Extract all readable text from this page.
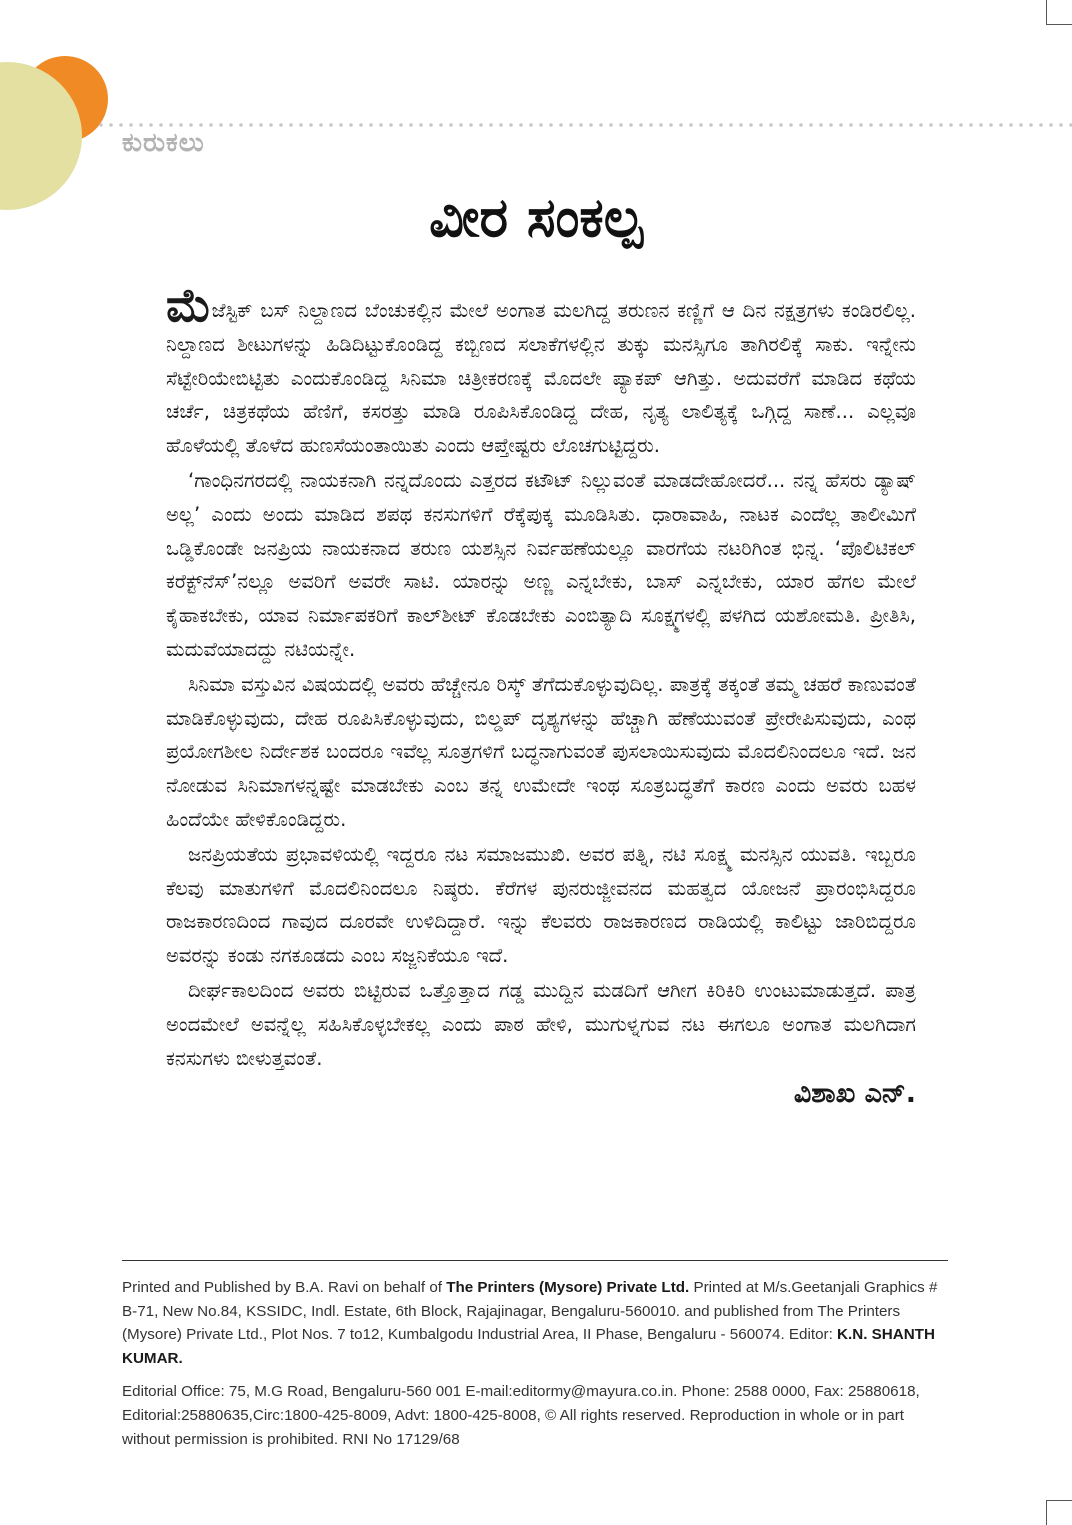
ಕುರುಕಲು
ವೀರ ಸಂಕಲ್ಪ

ಮೆಜೆಸ್ಟಿಕ್ ಬಸ್ ನಿಲ್ದಾಣದ ಬೆಂಚುಕಲ್ಲಿನ ಮೇಲೆ ಅಂಗಾತ ಮಲಗಿದ್ದ ತರುಣನ ಕಣ್ಣಿಗೆ ಆ ದಿನ ನಕ್ಷತ್ರಗಳು ಕಂಡಿರಲಿಲ್ಲ. ನಿಲ್ದಾಣದ ಶೀಟುಗಳನ್ನು ಹಿಡಿದಿಟ್ಟುಕೊಂಡಿದ್ದ ಕಬ್ಬಿಣದ ಸಲಾಕೆಗಳಲ್ಲಿನ ತುಕ್ಕು ಮನಸ್ಸಿಗೂ ತಾಗಿರಲಿಕ್ಕೆ ಸಾಕು. ಇನ್ನೇನು ಸೆಟ್ಟೇರಿಯೇಬಿಟ್ಟಿತು ಎಂದುಕೊಂಡಿದ್ದ ಸಿನಿಮಾ ಚಿತ್ರೀಕರಣಕ್ಕೆ ಮೊದಲೇ ಪ್ಯಾಕಪ್ ಆಗಿತ್ತು. ಅದುವರೆಗೆ ಮಾಡಿದ ಕಥೆಯ ಚರ್ಚೆ, ಚಿತ್ರಕಥೆಯ ಹೆಣಿಗೆ, ಕಸರತ್ತು ಮಾಡಿ ರೂಪಿಸಿಕೊಂಡಿದ್ದ ದೇಹ, ನೃತ್ಯ ಲಾಲಿತ್ಯಕ್ಕೆ ಒಗ್ಗಿದ್ದ ಸಾಣೆ... ಎಲ್ಲವೂ ಹೊಳೆಯಲ್ಲಿ ತೊಳೆದ ಹುಣಸೆಯಂತಾಯಿತು ಎಂದು ಆಪ್ತೇಷ್ಟರು ಲೊಚಗುಟ್ಟಿದ್ದರು.

‘ಗಾಂಧಿನಗರದಲ್ಲಿ ನಾಯಕನಾಗಿ ನನ್ನದೊಂದು ಎತ್ತರದ ಕಟೌಟ್ ನಿಲ್ಲುವಂತೆ ಮಾಡದೇಹೋದರೆ... ನನ್ನ ಹೆಸರು ಡ್ಯಾಷ್ ಅಲ್ಲ’ ಎಂದು ಅಂದು ಮಾಡಿದ ಶಪಥ ಕನಸುಗಳಿಗೆ ರೆಕ್ಕೆಪುಕ್ಕ ಮೂಡಿಸಿತು. ಧಾರಾವಾಹಿ, ನಾಟಕ ಎಂದೆಲ್ಲ ತಾಲೀಮಿಗೆ ಒಡ್ಡಿಕೊಂಡೇ ಜನಪ್ರಿಯ ನಾಯಕನಾದ ತರುಣ ಯಶಸ್ಸಿನ ನಿರ್ವಹಣೆಯಲ್ಲೂ ವಾರಗೆಯ ನಟರಿಗಿಂತ ಭಿನ್ನ. ‘ಪೊಲಿಟಿಕಲ್ ಕರೆಕ್ಟ್‌ನೆಸ್’ನಲ್ಲೂ ಅವರಿಗೆ ಅವರೇ ಸಾಟಿ. ಯಾರನ್ನು ಅಣ್ಣ ಎನ್ನಬೇಕು, ಬಾಸ್ ಎನ್ನಬೇಕು, ಯಾರ ಹೆಗಲ ಮೇಲೆ ಕೈಹಾಕಬೇಕು, ಯಾವ ನಿರ್ಮಾಪಕರಿಗೆ ಕಾಲ್‌ಶೀಟ್ ಕೊಡಬೇಕು ಎಂಬಿತ್ಯಾದಿ ಸೂಕ್ಷ್ಮಗಳಲ್ಲಿ ಪಳಗಿದ ಯಶೋಮತಿ. ಪ್ರೀತಿಸಿ, ಮದುವೆಯಾದದ್ದು ನಟಿಯನ್ನೇ.

ಸಿನಿಮಾ ವಸ್ತುವಿನ ವಿಷಯದಲ್ಲಿ ಅವರು ಹೆಚ್ಚೇನೂ ರಿಸ್ಕ್ ತೆಗೆದುಕೊಳ್ಳುವುದಿಲ್ಲ. ಪಾತ್ರಕ್ಕೆ ತಕ್ಕಂತೆ ತಮ್ಮ ಚಹರೆ ಕಾಣುವಂತೆ ಮಾಡಿಕೊಳ್ಳುವುದು, ದೇಹ ರೂಪಿಸಿಕೊಳ್ಳುವುದು, ಬಿಲ್ಡಪ್ ದೃಶ್ಯಗಳನ್ನು ಹೆಚ್ಚಾಗಿ ಹೆಣೆಯುವಂತೆ ಪ್ರೇರೇಪಿಸುವುದು, ಎಂಥ ಪ್ರಯೋಗಶೀಲ ನಿರ್ದೇಶಕ ಬಂದರೂ ಇವೆಲ್ಲ ಸೂತ್ರಗಳಿಗೆ ಬದ್ಧನಾಗುವಂತೆ ಪುಸಲಾಯಿಸುವುದು ಮೊದಲಿನಿಂದಲೂ ಇದೆ. ಜನ ನೋಡುವ ಸಿನಿಮಾಗಳನ್ನಷ್ಟೇ ಮಾಡಬೇಕು ಎಂಬ ತನ್ನ ಉಮೇದೇ ಇಂಥ ಸೂತ್ರಬದ್ಧತೆಗೆ ಕಾರಣ ಎಂದು ಅವರು ಬಹಳ ಹಿಂದೆಯೇ ಹೇಳಿಕೊಂಡಿದ್ದರು.

ಜನಪ್ರಿಯತೆಯ ಪ್ರಭಾವಳಿಯಲ್ಲಿ ಇದ್ದರೂ ನಟ ಸಮಾಜಮುಖಿ. ಅವರ ಪತ್ನಿ, ನಟಿ ಸೂಕ್ಷ್ಮ ಮನಸ್ಸಿನ ಯುವತಿ. ಇಬ್ಬರೂ ಕೆಲವು ಮಾತುಗಳಿಗೆ ಮೊದಲಿನಿಂದಲೂ ನಿಷ್ಠರು. ಕೆರೆಗಳ ಪುನರುಜ್ಜೀವನದ ಮಹತ್ವದ ಯೋಜನೆ ಪ್ರಾರಂಭಿಸಿದ್ದರೂ ರಾಜಕಾರಣದಿಂದ ಗಾವುದ ದೂರವೇ ಉಳಿದಿದ್ದಾರೆ. ಇನ್ನು ಕೆಲವರು ರಾಜಕಾರಣದ ರಾಡಿಯಲ್ಲಿ ಕಾಲಿಟ್ಟು ಜಾರಿಬಿದ್ದರೂ ಅವರನ್ನು ಕಂಡು ನಗಕೂಡದು ಎಂಬ ಸಜ್ಜನಿಕೆಯೂ ಇದೆ.

ದೀರ್ಘಕಾಲದಿಂದ ಅವರು ಬಿಟ್ಟಿರುವ ಒತ್ತೊತ್ತಾದ ಗಡ್ಡ ಮುದ್ದಿನ ಮಡದಿಗೆ ಆಗೀಗ ಕಿರಿಕಿರಿ ಉಂಟುಮಾಡುತ್ತದೆ. ಪಾತ್ರ ಅಂದಮೇಲೆ ಅವನ್ನೆಲ್ಲ ಸಹಿಸಿಕೊಳ್ಳಬೇಕಲ್ಲ ಎಂದು ಪಾಠ ಹೇಳಿ, ಮುಗುಳ್ನಗುವ ನಟ ಈಗಲೂ ಅಂಗಾತ ಮಲಗಿದಾಗ ಕನಸುಗಳು ಬೀಳುತ್ತವಂತೆ.

ವಿಶಾಖ ಎನ್.

Printed and Published by B.A. Ravi on behalf of The Printers (Mysore) Private Ltd. Printed at M/s.Geetanjali Graphics # B-71, New No.84, KSSIDC, Indl. Estate, 6th Block, Rajajinagar, Bengaluru-560010. and published from The Printers (Mysore) Private Ltd., Plot Nos. 7 to12, Kumbalgodu Industrial Area, II Phase, Bengaluru - 560074. Editor: K.N. SHANTH KUMAR.

Editorial Office: 75, M.G Road, Bengaluru-560 001 E-mail:editormy@mayura.co.in. Phone: 2588 0000, Fax: 25880618, Editorial:25880635,Circ:1800-425-8009, Advt: 1800-425-8008, © All rights reserved. Reproduction in whole or in part without permission is prohibited. RNI No 17129/68
